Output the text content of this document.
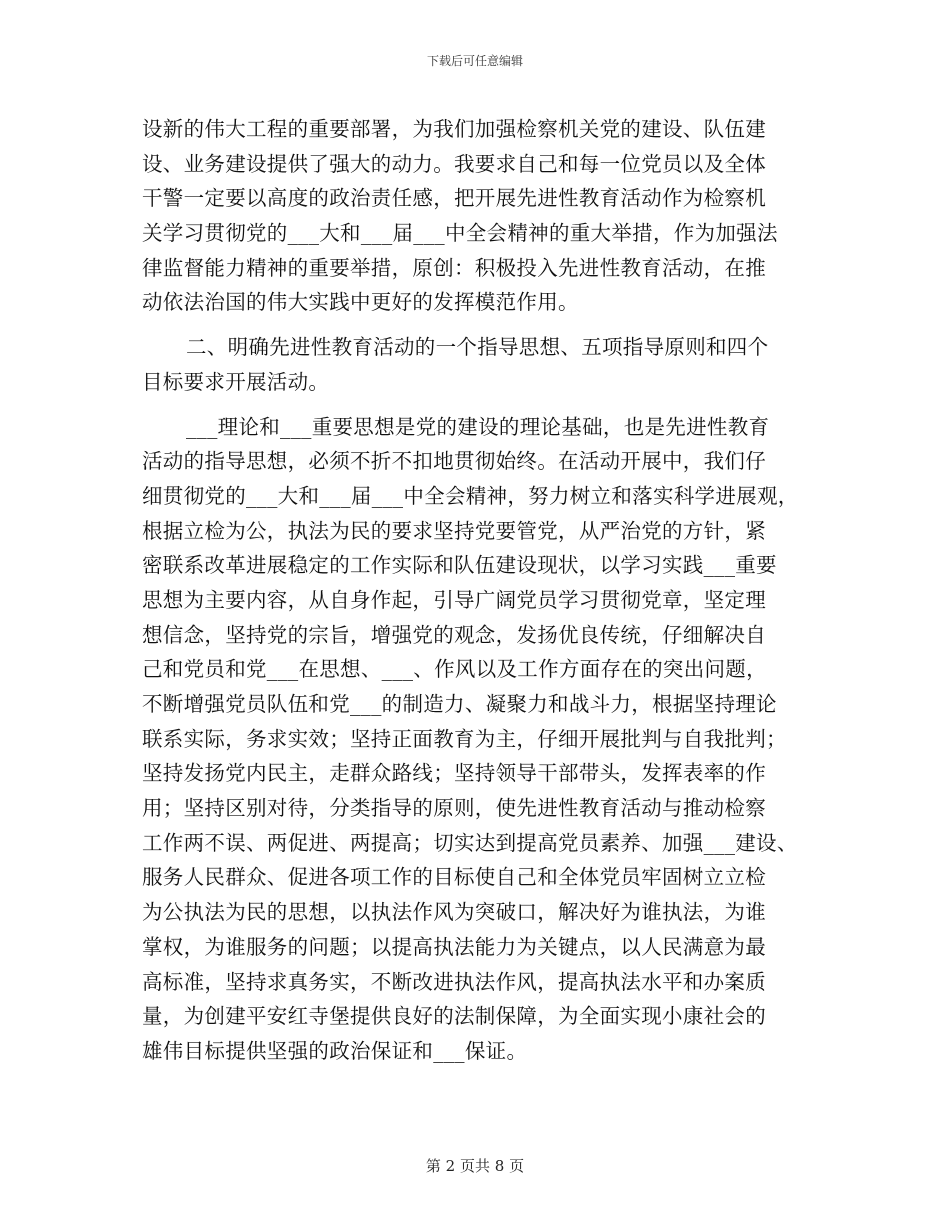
下载后可任意编辑
设新的伟大工程的重要部署，为我们加强检察机关党的建设、队伍建
设、业务建设提供了强大的动力。我要求自己和每一位党员以及全体
干警一定要以高度的政治责任感，把开展先进性教育活动作为检察机
关学习贯彻党的___大和___届___中全会精神的重大举措，作为加强法
律监督能力精神的重要举措，原创：积极投入先进性教育活动，在推
动依法治国的伟大实践中更好的发挥模范作用。
二、明确先进性教育活动的一个指导思想、五项指导原则和四个
目标要求开展活动。
___理论和___重要思想是党的建设的理论基础，也是先进性教育
活动的指导思想，必须不折不扣地贯彻始终。在活动开展中，我们仔
细贯彻党的___大和___届___中全会精神，努力树立和落实科学进展观，
根据立检为公，执法为民的要求坚持党要管党，从严治党的方针，紧
密联系改革进展稳定的工作实际和队伍建设现状，以学习实践___重要
思想为主要内容，从自身作起，引导广阔党员学习贯彻党章，坚定理
想信念，坚持党的宗旨，增强党的观念，发扬优良传统，仔细解决自
己和党员和党___在思想、___、作风以及工作方面存在的突出问题，
不断增强党员队伍和党___的制造力、凝聚力和战斗力，根据坚持理论
联系实际，务求实效；坚持正面教育为主，仔细开展批判与自我批判；
坚持发扬党内民主，走群众路线；坚持领导干部带头，发挥表率的作
用；坚持区别对待，分类指导的原则，使先进性教育活动与推动检察
工作两不误、两促进、两提高；切实达到提高党员素养、加强___建设、
服务人民群众、促进各项工作的目标使自己和全体党员牢固树立立检
为公执法为民的思想，以执法作风为突破口，解决好为谁执法，为谁
掌权，为谁服务的问题；以提高执法能力为关键点，以人民满意为最
高标准，坚持求真务实，不断改进执法作风，提高执法水平和办案质
量，为创建平安红寺堡提供良好的法制保障，为全面实现小康社会的
雄伟目标提供坚强的政治保证和___保证。
第 2 页共 8 页
